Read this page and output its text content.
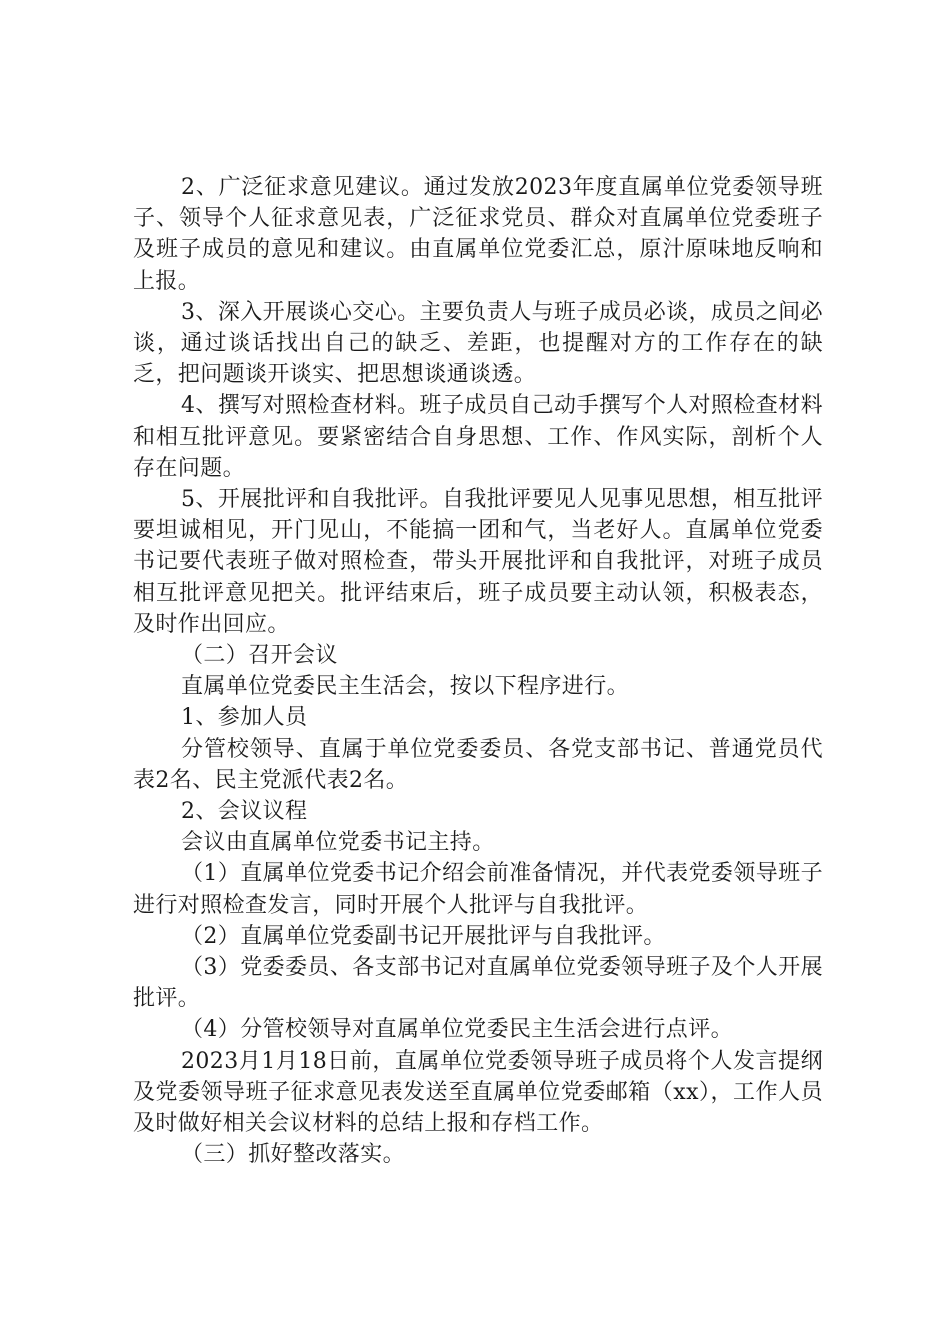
2、广泛征求意见建议。通过发放2023年度直属单位党委领导班子、领导个人征求意见表，广泛征求党员、群众对直属单位党委班子及班子成员的意见和建议。由直属单位党委汇总，原汁原味地反响和上报。

3、深入开展谈心交心。主要负责人与班子成员必谈，成员之间必谈，通过谈话找出自己的缺乏、差距，也提醒对方的工作存在的缺乏，把问题谈开谈实、把思想谈通谈透。

4、撰写对照检查材料。班子成员自己动手撰写个人对照检查材料和相互批评意见。要紧密结合自身思想、工作、作风实际，剖析个人存在问题。

5、开展批评和自我批评。自我批评要见人见事见思想，相互批评要坦诚相见，开门见山，不能搞一团和气，当老好人。直属单位党委书记要代表班子做对照检查，带头开展批评和自我批评，对班子成员相互批评意见把关。批评结束后，班子成员要主动认领，积极表态，及时作出回应。

（二）召开会议

直属单位党委民主生活会，按以下程序进行。

1、参加人员

分管校领导、直属于单位党委委员、各党支部书记、普通党员代表2名、民主党派代表2名。

2、会议议程

会议由直属单位党委书记主持。

（1）直属单位党委书记介绍会前准备情况，并代表党委领导班子进行对照检查发言，同时开展个人批评与自我批评。

（2）直属单位党委副书记开展批评与自我批评。

（3）党委委员、各支部书记对直属单位党委领导班子及个人开展批评。

（4）分管校领导对直属单位党委民主生活会进行点评。

2023月1月18日前，直属单位党委领导班子成员将个人发言提纲及党委领导班子征求意见表发送至直属单位党委邮箱（xx），工作人员及时做好相关会议材料的总结上报和存档工作。

（三）抓好整改落实。
